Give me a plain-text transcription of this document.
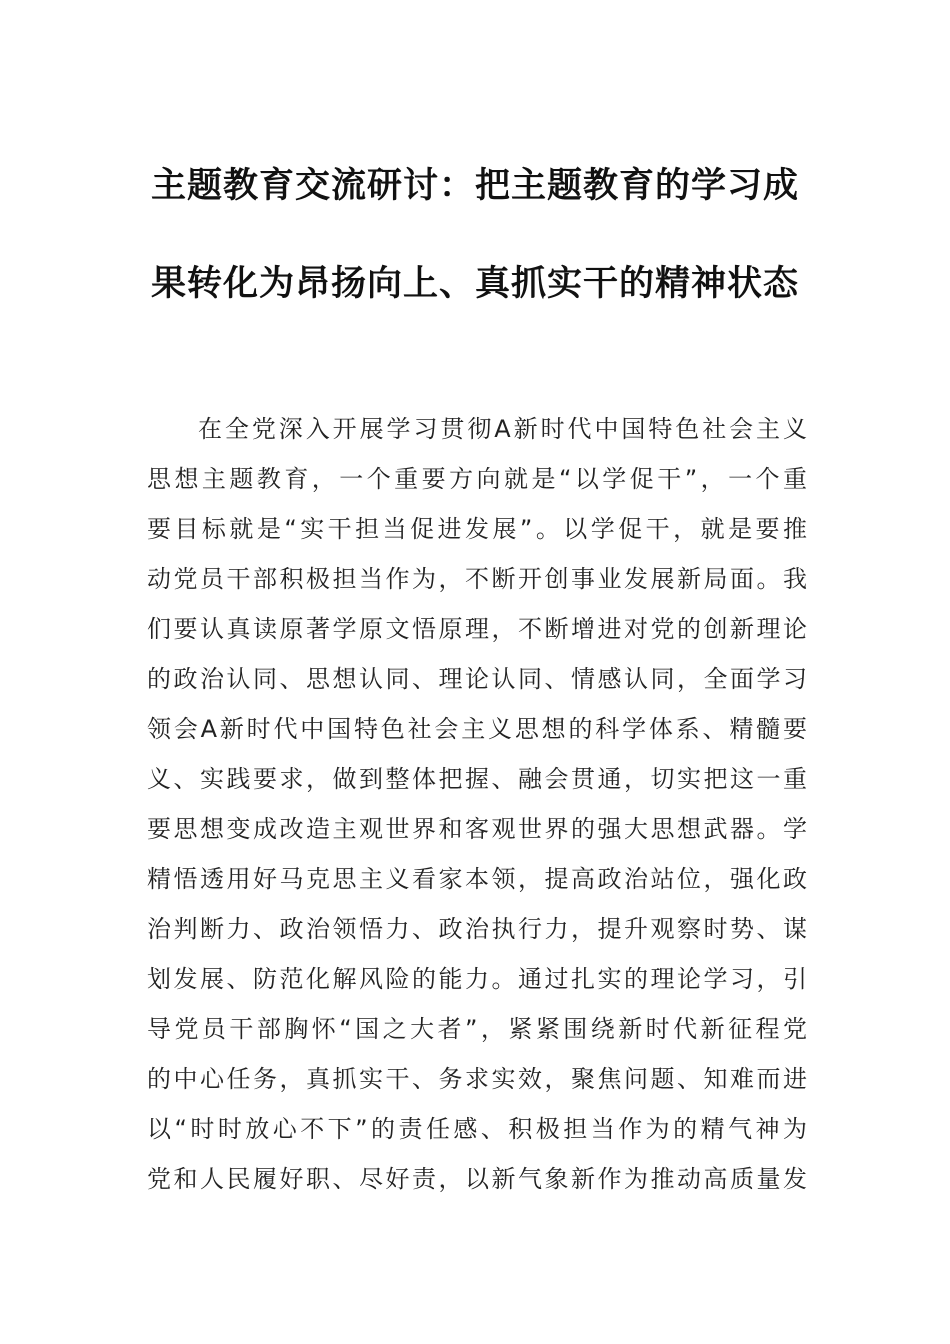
主题教育交流研讨：把主题教育的学习成
果转化为昂扬向上、真抓实干的精神状态
在全党深入开展学习贯彻A新时代中国特色社会主义
思想主题教育，一个重要方向就是“以学促干”，一个重
要目标就是“实干担当促进发展”。以学促干，就是要推
动党员干部积极担当作为，不断开创事业发展新局面。我
们要认真读原著学原文悟原理，不断增进对党的创新理论
的政治认同、思想认同、理论认同、情感认同，全面学习
领会A新时代中国特色社会主义思想的科学体系、精髓要
义、实践要求，做到整体把握、融会贯通，切实把这一重
要思想变成改造主观世界和客观世界的强大思想武器。学
精悟透用好马克思主义看家本领，提高政治站位，强化政
治判断力、政治领悟力、政治执行力，提升观察时势、谋
划发展、防范化解风险的能力。通过扎实的理论学习，引
导党员干部胸怀“国之大者”，紧紧围绕新时代新征程党
的中心任务，真抓实干、务求实效，聚焦问题、知难而进
以“时时放心不下”的责任感、积极担当作为的精气神为
党和人民履好职、尽好责，以新气象新作为推动高质量发
